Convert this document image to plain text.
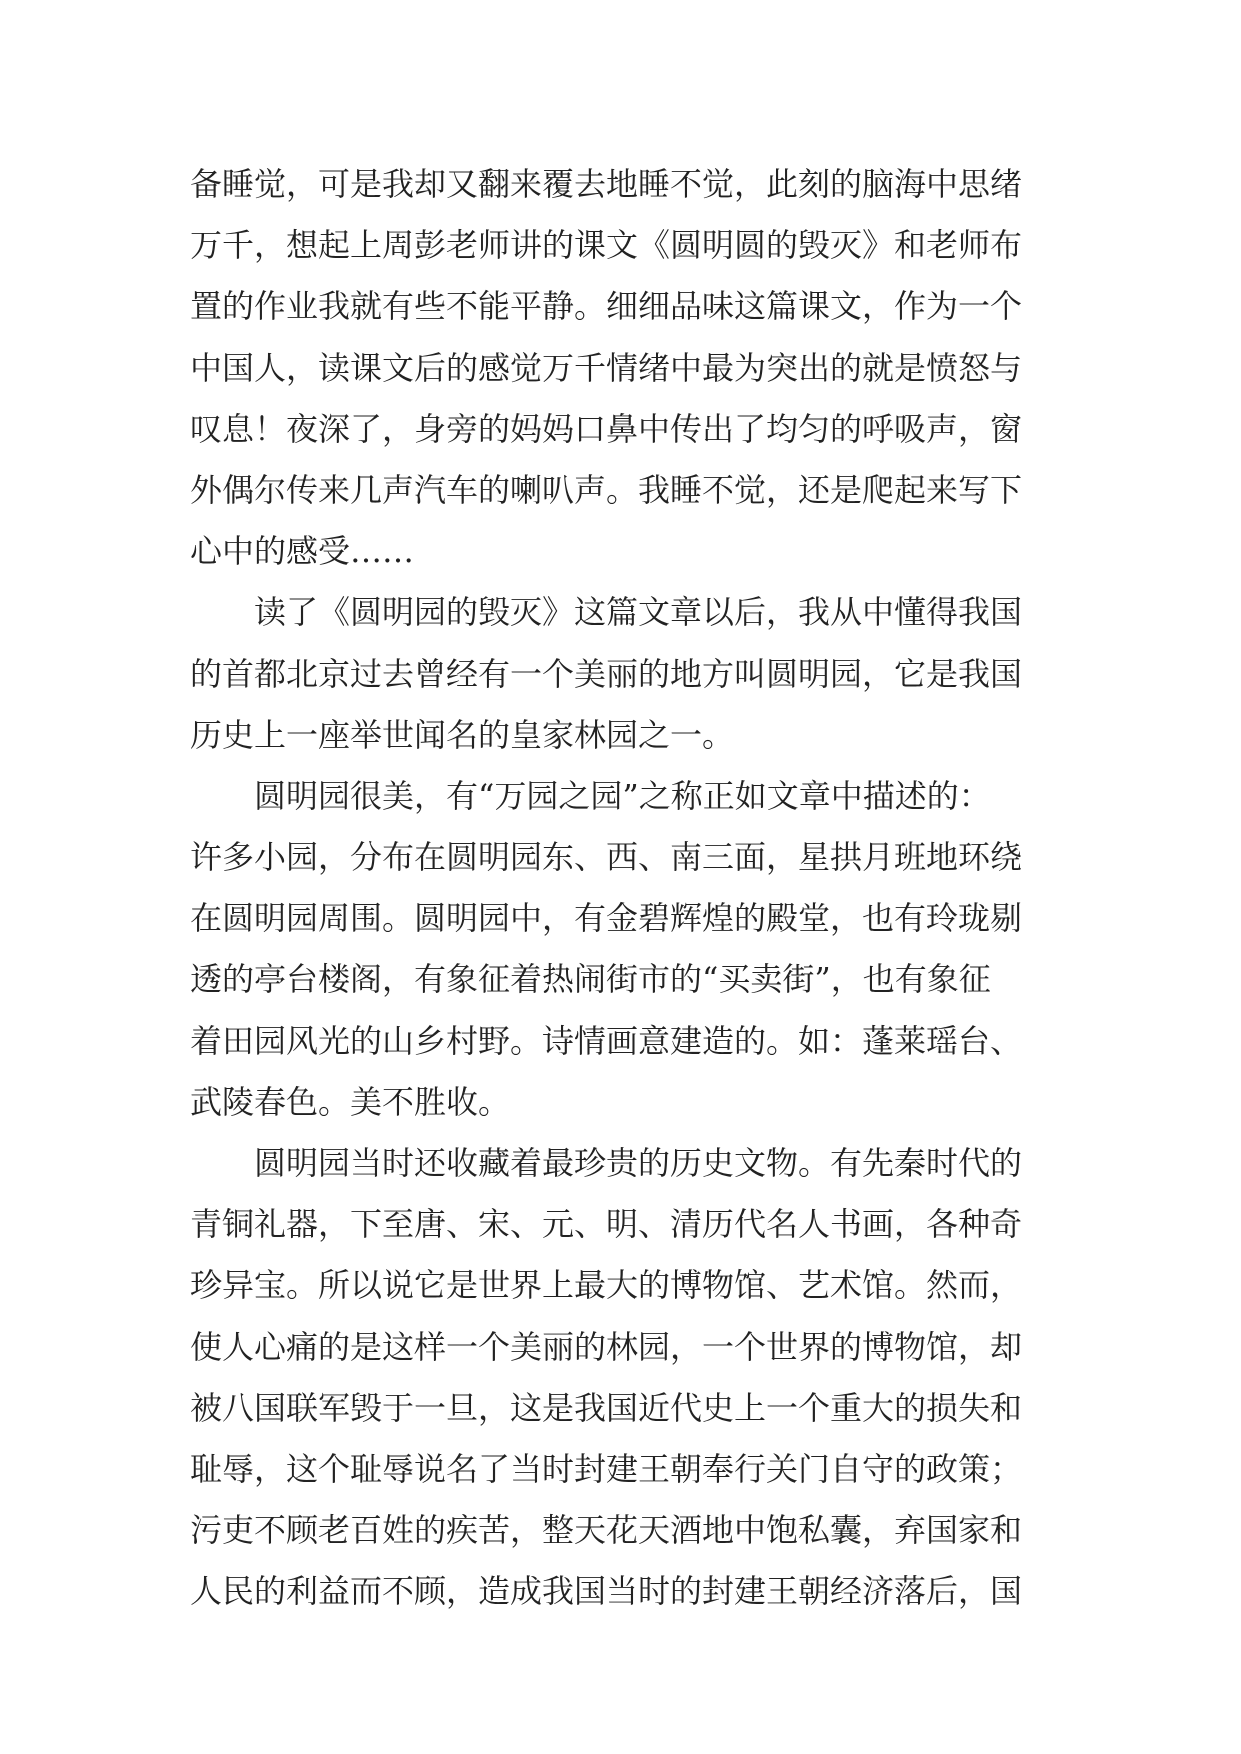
备睡觉，可是我却又翻来覆去地睡不觉，此刻的脑海中思绪
万千，想起上周彭老师讲的课文《圆明圆的毁灭》和老师布
置的作业我就有些不能平静。细细品味这篇课文，作为一个
中国人，读课文后的感觉万千情绪中最为突出的就是愤怒与
叹息！夜深了，身旁的妈妈口鼻中传出了均匀的呼吸声，窗
外偶尔传来几声汽车的喇叭声。我睡不觉，还是爬起来写下
心中的感受……
读了《圆明园的毁灭》这篇文章以后，我从中懂得我国
的首都北京过去曾经有一个美丽的地方叫圆明园，它是我国
历史上一座举世闻名的皇家林园之一。
圆明园很美，有“万园之园”之称正如文章中描述的：
许多小园，分布在圆明园东、西、南三面，星拱月班地环绕
在圆明园周围。圆明园中，有金碧辉煌的殿堂，也有玲珑剔
透的亭台楼阁，有象征着热闹街市的“买卖街”，也有象征
着田园风光的山乡村野。诗情画意建造的。如：蓬莱瑶台、
武陵春色。美不胜收。
圆明园当时还收藏着最珍贵的历史文物。有先秦时代的
青铜礼器，下至唐、宋、元、明、清历代名人书画，各种奇
珍异宝。所以说它是世界上最大的博物馆、艺术馆。然而，
使人心痛的是这样一个美丽的林园，一个世界的博物馆，却
被八国联军毁于一旦，这是我国近代史上一个重大的损失和
耻辱，这个耻辱说名了当时封建王朝奉行关门自守的政策；
污吏不顾老百姓的疾苦，整天花天酒地中饱私囊，弃国家和
人民的利益而不顾，造成我国当时的封建王朝经济落后，国
